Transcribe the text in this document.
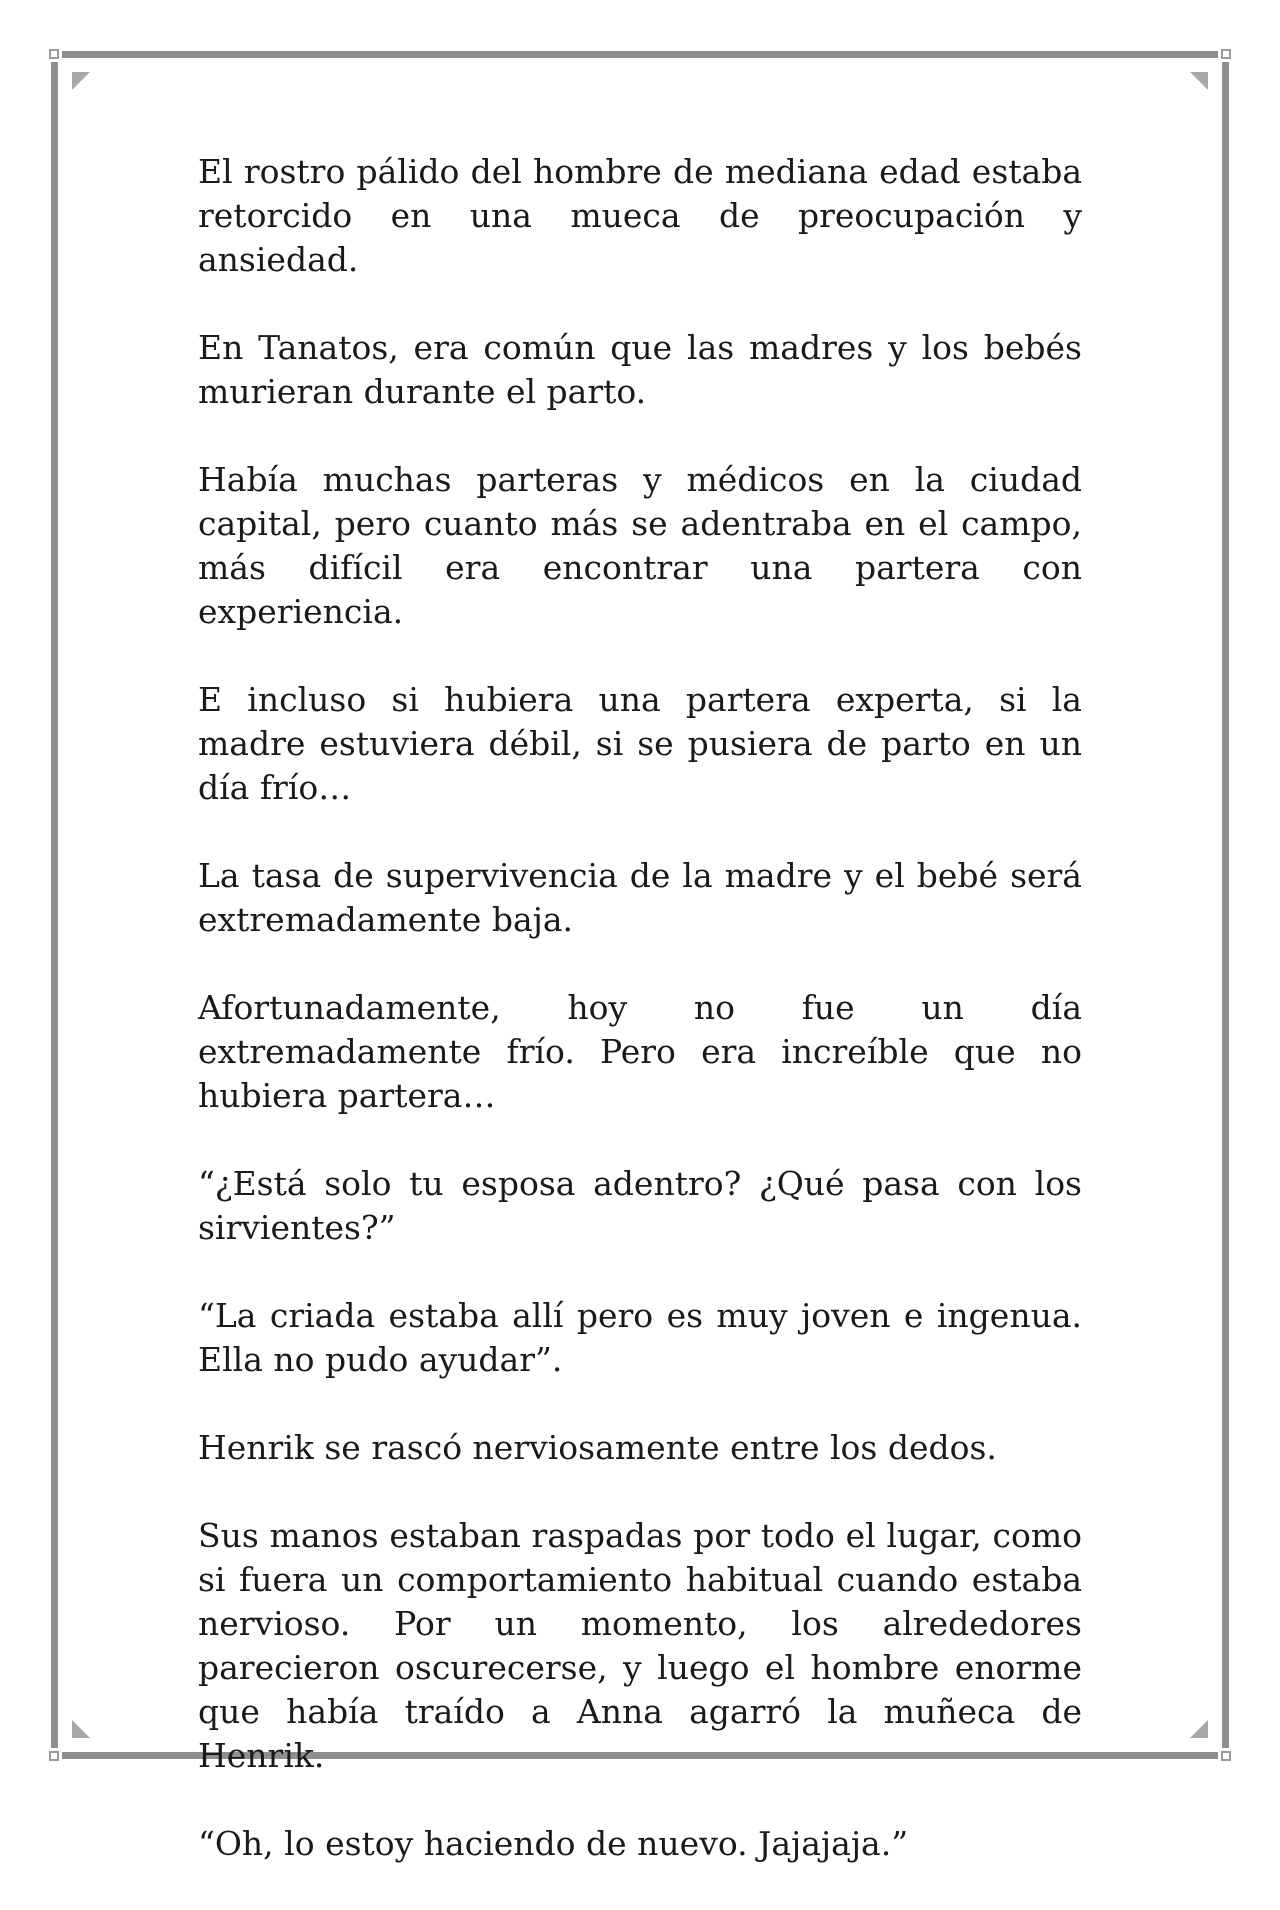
El rostro pálido del hombre de mediana edad estaba retorcido en una mueca de preocupación y ansiedad.

En Tanatos, era común que las madres y los bebés murieran durante el parto.

Había muchas parteras y médicos en la ciudad capital, pero cuanto más se adentraba en el campo, más difícil era encontrar una partera con experiencia.

E incluso si hubiera una partera experta, si la madre estuviera débil, si se pusiera de parto en un día frío…

La tasa de supervivencia de la madre y el bebé será extremadamente baja.

Afortunadamente, hoy no fue un día extremadamente frío. Pero era increíble que no hubiera partera…

“¿Está solo tu esposa adentro? ¿Qué pasa con los sirvientes?”

“La criada estaba allí pero es muy joven e ingenua. Ella no pudo ayudar”.

Henrik se rascó nerviosamente entre los dedos.

Sus manos estaban raspadas por todo el lugar, como si fuera un comportamiento habitual cuando estaba nervioso. Por un momento, los alrededores parecieron oscurecerse, y luego el hombre enorme que había traído a Anna agarró la muñeca de Henrik.

“Oh, lo estoy haciendo de nuevo. Jajajaja.”
